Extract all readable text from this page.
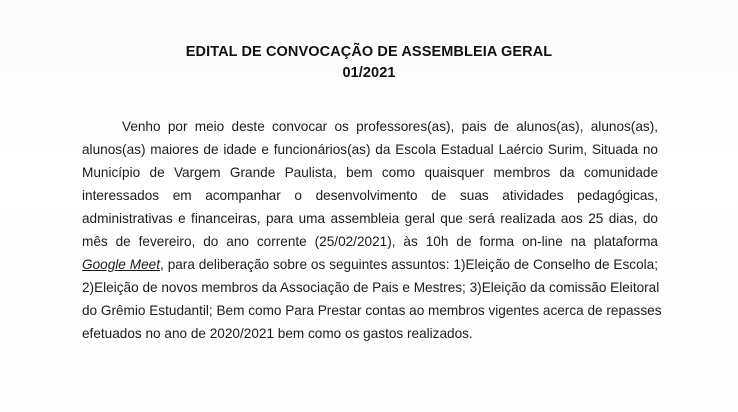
EDITAL DE CONVOCAÇÃO DE ASSEMBLEIA GERAL
01/2021
Venho por meio deste convocar os professores(as), pais de alunos(as), alunos(as),
alunos(as) maiores de idade e funcionários(as) da Escola Estadual Laércio Surim, Situada no
Município de Vargem Grande Paulista, bem como quaisquer membros da comunidade
interessados em acompanhar o desenvolvimento de suas atividades pedagógicas,
administrativas e financeiras, para uma assembleia geral que será realizada aos 25 dias, do
mês de fevereiro, do ano corrente (25/02/2021), às 10h de forma on-line na plataforma
Google Meet, para deliberação sobre os seguintes assuntos: 1)Eleição de Conselho de Escola;
2)Eleição de novos membros da Associação de Pais e Mestres; 3)Eleição da comissão Eleitoral
do Grêmio Estudantil; Bem como Para Prestar contas ao membros vigentes acerca de repasses
efetuados no ano de 2020/2021 bem como os gastos realizados.
